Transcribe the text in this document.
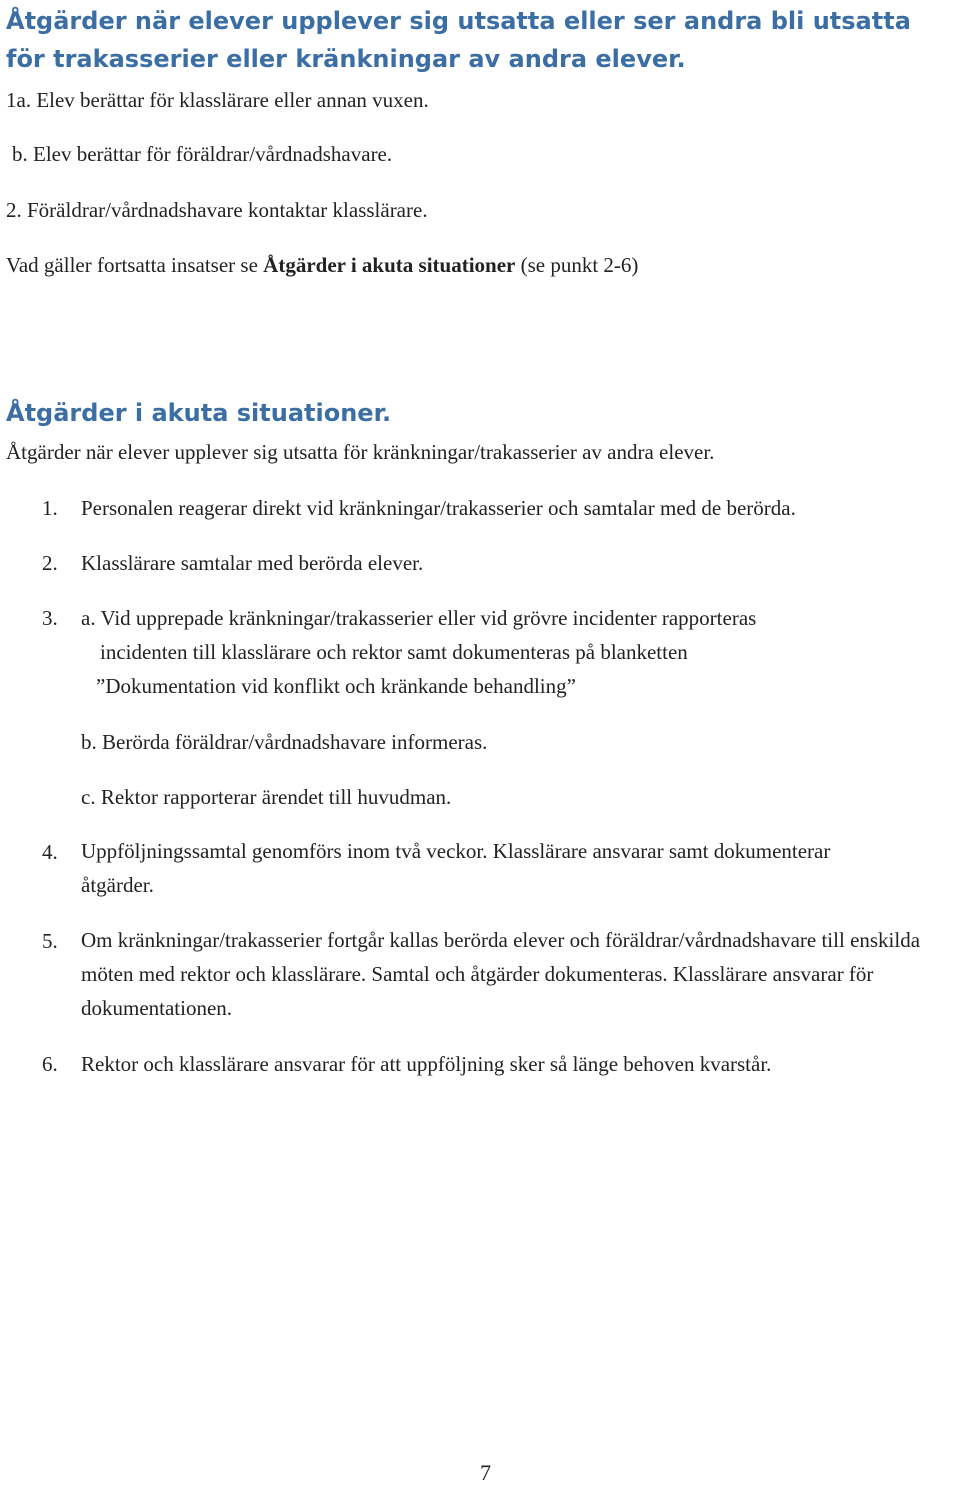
Åtgärder när elever upplever sig utsatta eller ser andra bli utsatta för trakasserier eller kränkningar av andra elever.

1a. Elev berättar för klasslärare eller annan vuxen.

b. Elev berättar för föräldrar/vårdnadshavare.

2. Föräldrar/vårdnadshavare kontaktar klasslärare.

Vad gäller fortsatta insatser se Åtgärder i akuta situationer (se punkt 2-6)

Åtgärder i akuta situationer.

Åtgärder när elever upplever sig utsatta för kränkningar/trakasserier av andra elever.

1. Personalen reagerar direkt vid kränkningar/trakasserier och samtalar med de berörda.

2. Klasslärare samtalar med berörda elever.

3. a. Vid upprepade kränkningar/trakasserier eller vid grövre incidenter rapporteras

incidenten till klasslärare och rektor samt dokumenteras på blanketten

”Dokumentation vid konflikt och kränkande behandling”

b. Berörda föräldrar/vårdnadshavare informeras.

c. Rektor rapporterar ärendet till huvudman.

4. Uppföljningssamtal genomförs inom två veckor. Klasslärare ansvarar samt dokumenterar åtgärder.

5. Om kränkningar/trakasserier fortgår kallas berörda elever och föräldrar/vårdnadshavare till enskilda möten med rektor och klasslärare. Samtal och åtgärder dokumenteras. Klasslärare ansvarar för dokumentationen.

6. Rektor och klasslärare ansvarar för att uppföljning sker så länge behoven kvarstår.

7
